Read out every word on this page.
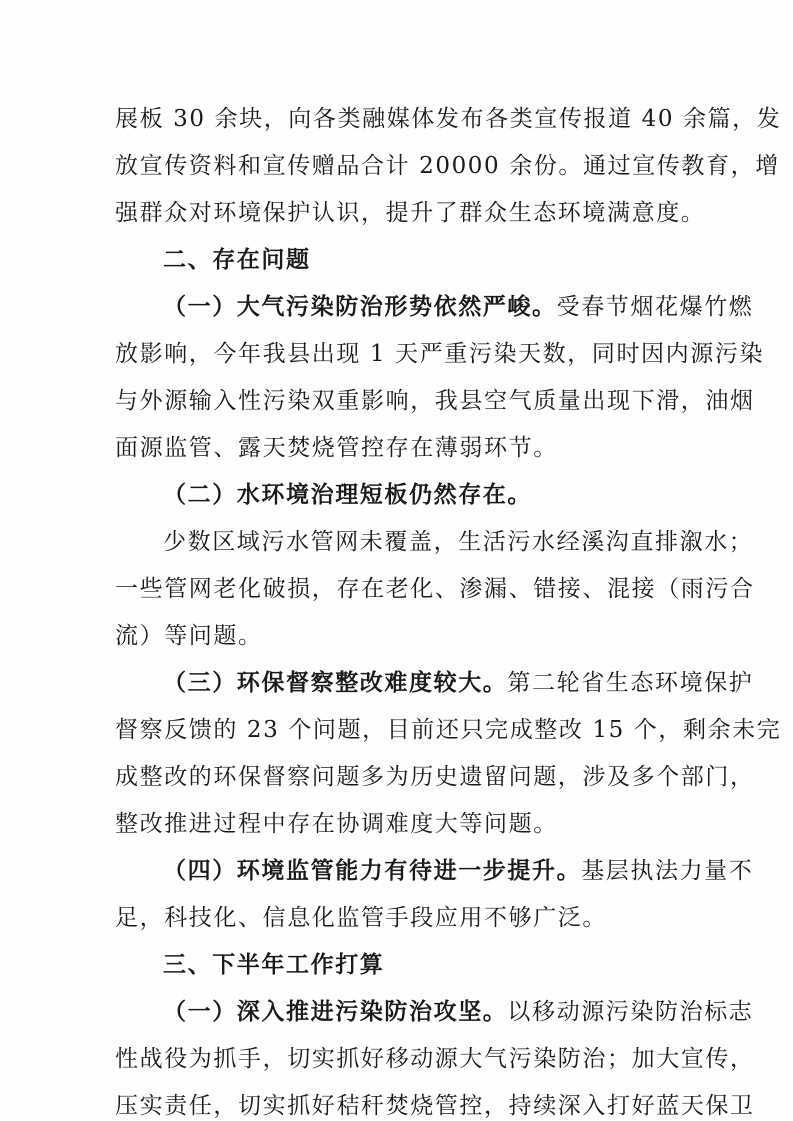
展板 30 余块，向各类融媒体发布各类宣传报道 40 余篇，发
放宣传资料和宣传赠品合计 20000 余份。通过宣传教育，增
强群众对环境保护认识，提升了群众生态环境满意度。
二、存在问题
（一）大气污染防治形势依然严峻。受春节烟花爆竹燃
放影响，今年我县出现 1 天严重污染天数，同时因内源污染
与外源输入性污染双重影响，我县空气质量出现下滑，油烟
面源监管、露天焚烧管控存在薄弱环节。
（二）水环境治理短板仍然存在。
少数区域污水管网未覆盖，生活污水经溪沟直排溆水；
一些管网老化破损，存在老化、渗漏、错接、混接（雨污合
流）等问题。
（三）环保督察整改难度较大。第二轮省生态环境保护
督察反馈的 23 个问题，目前还只完成整改 15 个，剩余未完
成整改的环保督察问题多为历史遗留问题，涉及多个部门，
整改推进过程中存在协调难度大等问题。
（四）环境监管能力有待进一步提升。基层执法力量不
足，科技化、信息化监管手段应用不够广泛。
三、下半年工作打算
（一）深入推进污染防治攻坚。以移动源污染防治标志
性战役为抓手，切实抓好移动源大气污染防治；加大宣传，
压实责任，切实抓好秸秆焚烧管控，持续深入打好蓝天保卫
